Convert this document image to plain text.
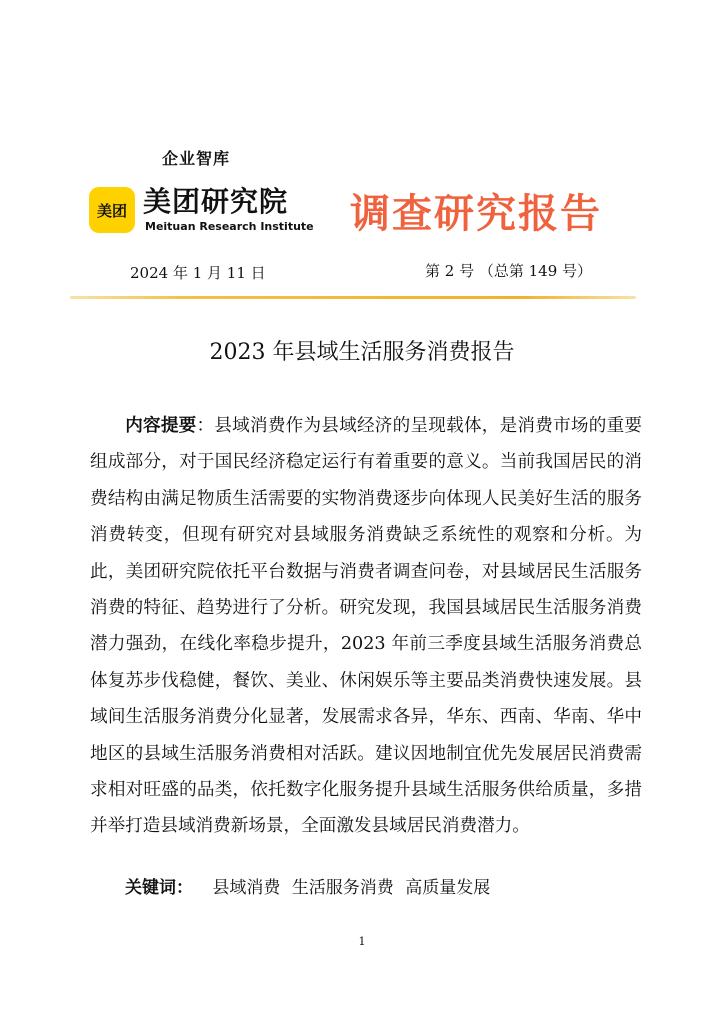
企业智库
美团 美团研究院
Meituan Research Institute 调查研究报告
2024 年 1 月 11 日	第 2 号 （总第 149 号）
2023 年县域生活服务消费报告

内容提要：县域消费作为县域经济的呈现载体，是消费市场的重要组成部分，对于国民经济稳定运行有着重要的意义。当前我国居民的消费结构由满足物质生活需要的实物消费逐步向体现人民美好生活的服务消费转变，但现有研究对县域服务消费缺乏系统性的观察和分析。为此，美团研究院依托平台数据与消费者调查问卷，对县域居民生活服务消费的特征、趋势进行了分析。研究发现，我国县域居民生活服务消费潜力强劲，在线化率稳步提升，2023 年前三季度县域生活服务消费总体复苏步伐稳健，餐饮、美业、休闲娱乐等主要品类消费快速发展。县域间生活服务消费分化显著，发展需求各异，华东、西南、华南、华中地区的县域生活服务消费相对活跃。建议因地制宜优先发展居民消费需求相对旺盛的品类，依托数字化服务提升县域生活服务供给质量，多措并举打造县域消费新场景，全面激发县域居民消费潜力。

关键词： 县域消费 生活服务消费 高质量发展
1
